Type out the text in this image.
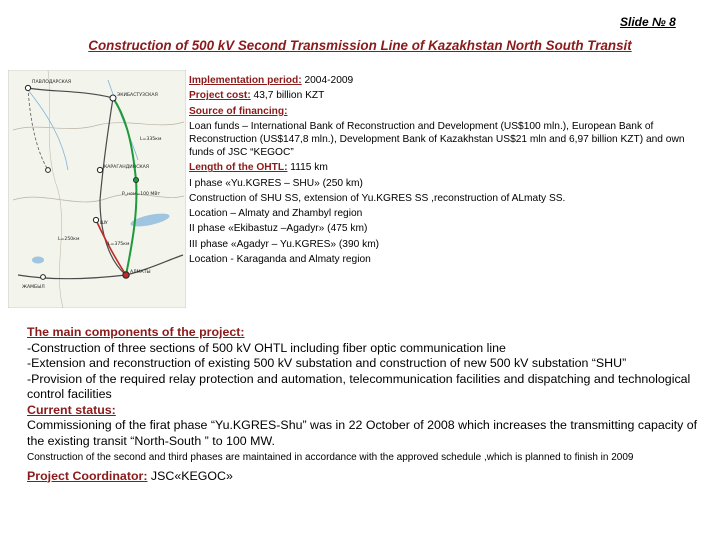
Slide № 8
Construction of 500 kV Second Transmission Line of Kazakhstan North South Transit
ЭКИБАСТУЗСКАЯ
ПАВЛОДАРСКАЯ
КАРАГАНДИНСКАЯ
ШУ
АЛМАТЫ
ЖАМБЫЛ
P_ном=100 МВт
L=335км
L=375км
L=250км
Implementation period: 2004-2009
Project cost: 43,7 billion KZT
Source of financing:
Loan funds – International Bank of Reconstruction and Development (US$100 mln.), European Bank of Reconstruction (US$147,8 mln.), Development Bank of Kazakhstan US$21 mln and 6,97 billion KZT) and own funds of JSC “KEGOC”
Length of the OHTL: 1115 km
I phase «Yu.KGRES – SHU» (250 km)
Construction of SHU SS, extension of Yu.KGRES SS ,reconstruction of ALmaty SS.
Location – Almaty and Zhambyl region
II phase «Ekibastuz –Agadyr» (475 km)
III phase «Agadyr – Yu.KGRES» (390 km)
Location - Karaganda and Almaty region
The main components of the project:
-Construction of three sections of 500 kV OHTL including fiber optic communication line
-Extension and reconstruction of existing 500 kV substation and construction of new 500 kV substation “SHU”
-Provision of the required relay protection and automation, telecommunication facilities and dispatching and technological control facilities
Current status:
Commissioning of the firat phase “Yu.KGRES-Shu” was in 22 October of 2008 which increases the transmitting capacity of the existing transit “North-South ” to 100 MW.
Construction of the second and third phases are maintained in accordance with the approved schedule ,which is planned to finish in 2009
Project Coordinator: JSC«KEGOC»
